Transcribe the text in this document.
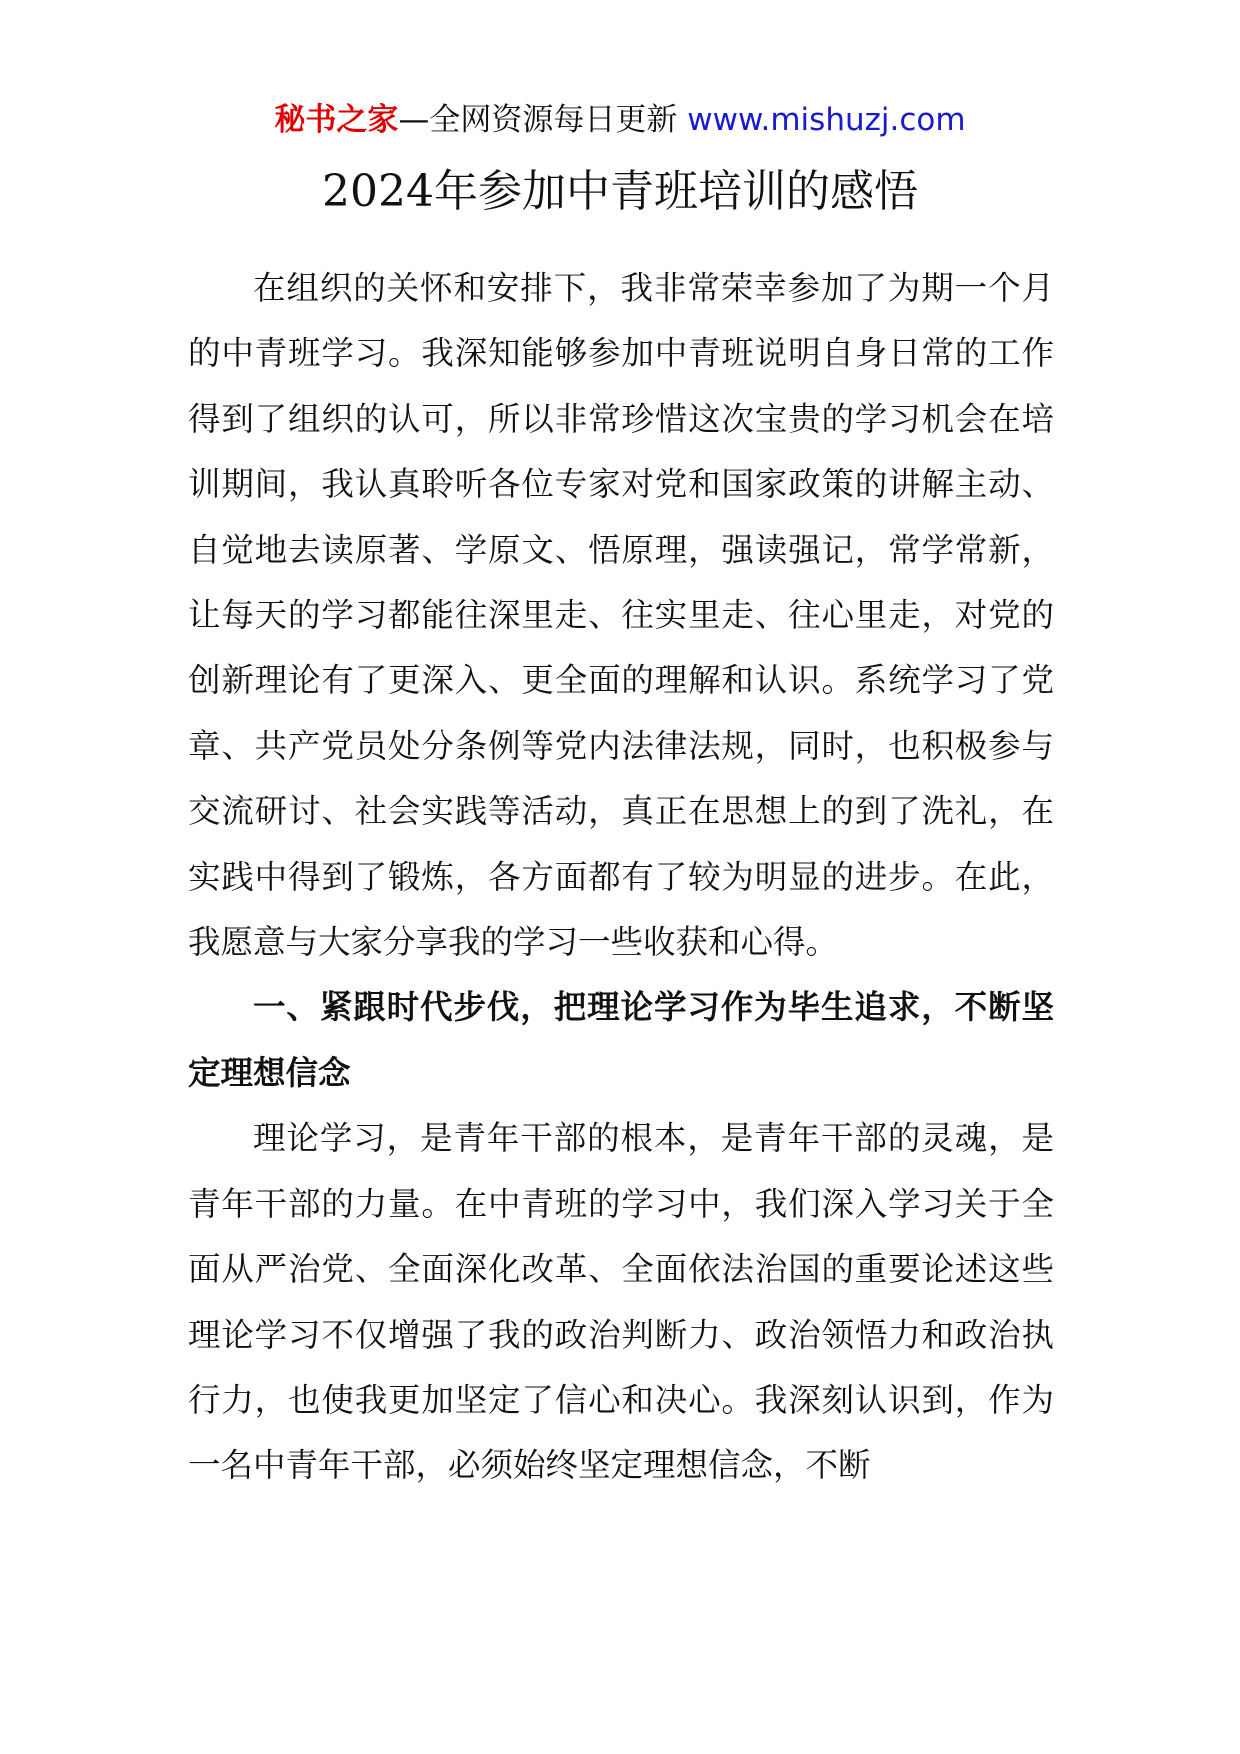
秘书之家—全网资源每日更新 www.mishuzj.com
2024年参加中青班培训的感悟

在组织的关怀和安排下，我非常荣幸参加了为期一个月的中青班学习。我深知能够参加中青班说明自身日常的工作得到了组织的认可，所以非常珍惜这次宝贵的学习机会在培训期间，我认真聆听各位专家对党和国家政策的讲解主动、自觉地去读原著、学原文、悟原理，强读强记，常学常新，让每天的学习都能往深里走、往实里走、往心里走，对党的创新理论有了更深入、更全面的理解和认识。系统学习了党章、共产党员处分条例等党内法律法规，同时，也积极参与交流研讨、社会实践等活动，真正在思想上的到了洗礼，在实践中得到了锻炼，各方面都有了较为明显的进步。在此，我愿意与大家分享我的学习一些收获和心得。

一、紧跟时代步伐，把理论学习作为毕生追求，不断坚定理想信念

理论学习，是青年干部的根本，是青年干部的灵魂，是青年干部的力量。在中青班的学习中，我们深入学习关于全面从严治党、全面深化改革、全面依法治国的重要论述这些理论学习不仅增强了我的政治判断力、政治领悟力和政治执行力，也使我更加坚定了信心和决心。我深刻认识到，作为一名中青年干部，必须始终坚定理想信念，不断
